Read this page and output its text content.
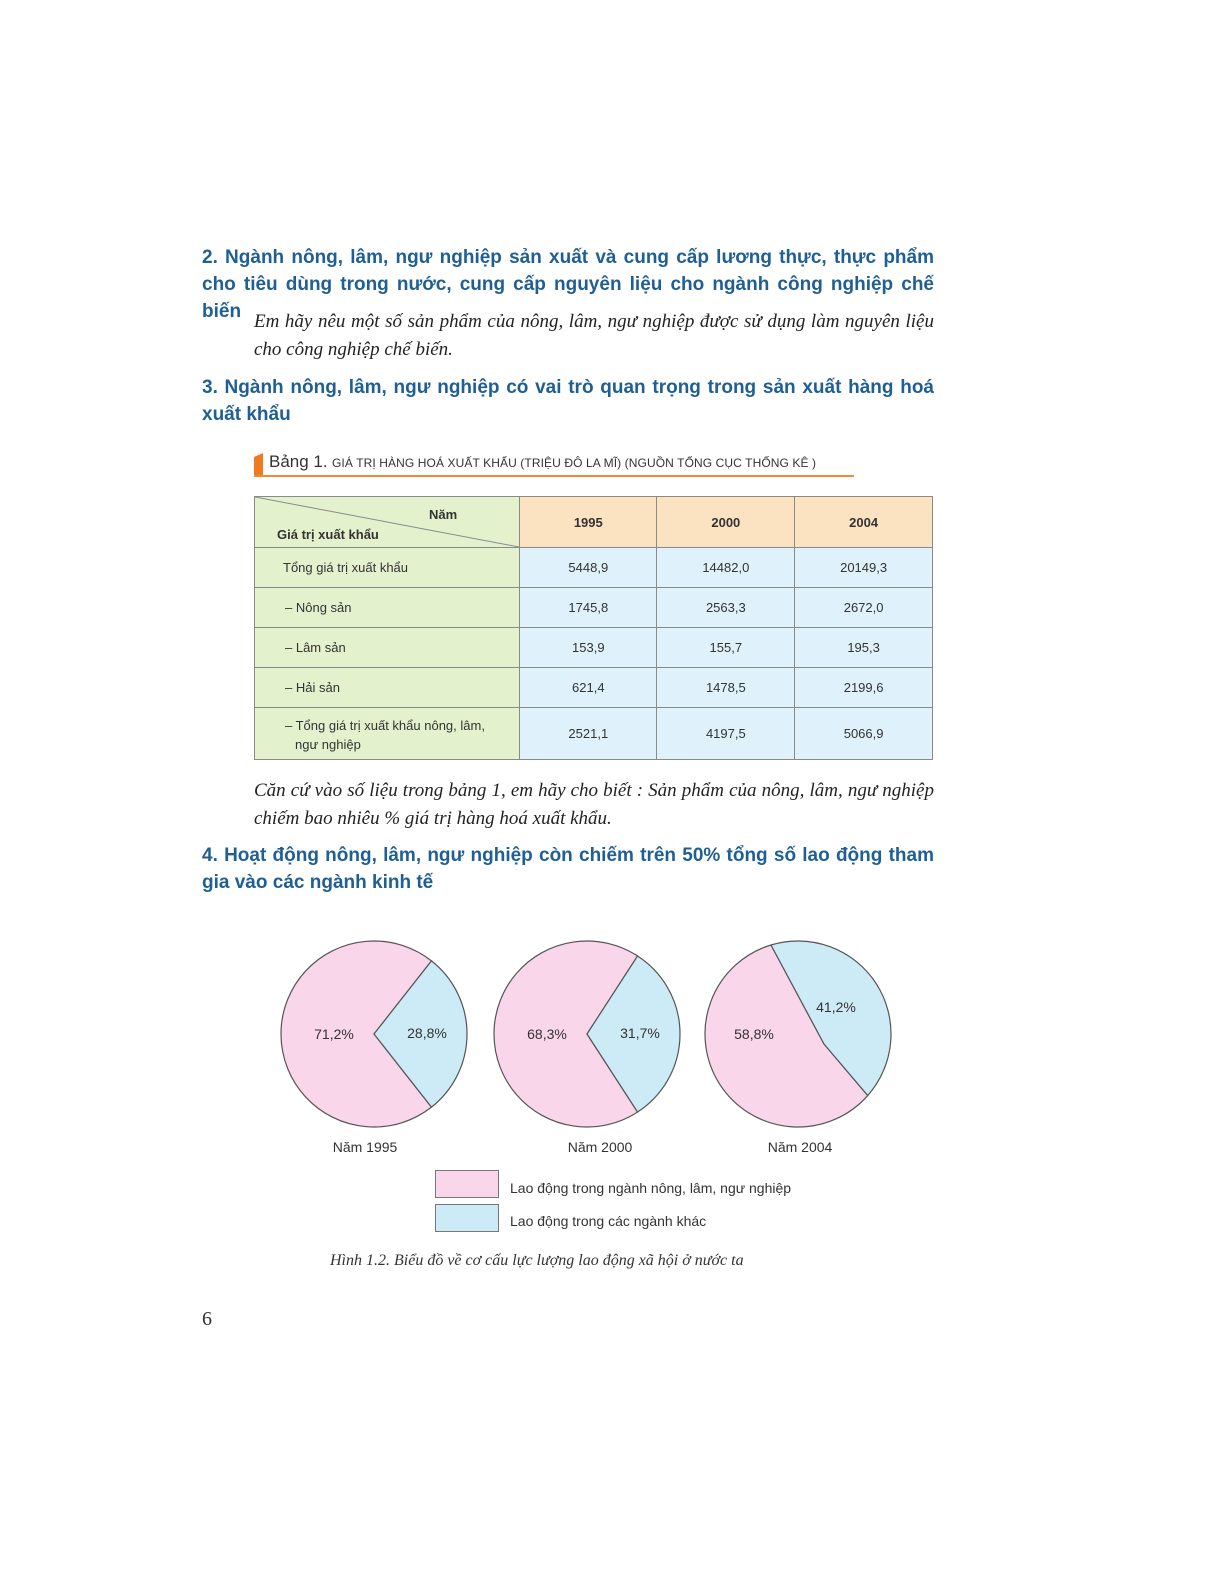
2. Ngành nông, lâm, ngư nghiệp sản xuất và cung cấp lương thực, thực phẩm cho tiêu dùng trong nước, cung cấp nguyên liệu cho ngành công nghiệp chế biến Em hãy nêu một số sản phẩm của nông, lâm, ngư nghiệp được sử dụng làm nguyên liệu cho công nghiệp chế biến.
3. Ngành nông, lâm, ngư nghiệp có vai trò quan trọng trong sản xuất hàng hoá xuất khẩu
Bảng 1. GIÁ TRỊ HÀNG HOÁ XUẤT KHẨU (TRIỆU ĐÔ LA MĨ) (NGUỒN TỔNG CỤC THỐNG KÊ )
Năm
Giá trị xuất khẩu	1995	2000	2004
Tổng giá trị xuất khẩu	5448,9	14482,0	20149,3
– Nông sản	1745,8	2563,3	2672,0
– Lâm sản	153,9	155,7	195,3
– Hải sản	621,4	1478,5	2199,6

– Tổng giá trị xuất khẩu nông, lâm,
ngư nghiệp	2521,1	4197,5	5066,9
Căn cứ vào số liệu trong bảng 1, em hãy cho biết : Sản phẩm của nông, lâm, ngư nghiệp chiếm bao nhiêu % giá trị hàng hoá xuất khẩu.
4. Hoạt động nông, lâm, ngư nghiệp còn chiếm trên 50% tổng số lao động tham gia vào các ngành kinh tế
71,2%	28,8%	68,3%	31,7%	58,8%
41,2%
Năm 1995	Năm 2000	Năm 2004
Lao động trong ngành nông, lâm, ngư nghiệp
Lao động trong các ngành khác
Hình 1.2. Biểu đồ về cơ cấu lực lượng lao động xã hội ở nước ta
6
